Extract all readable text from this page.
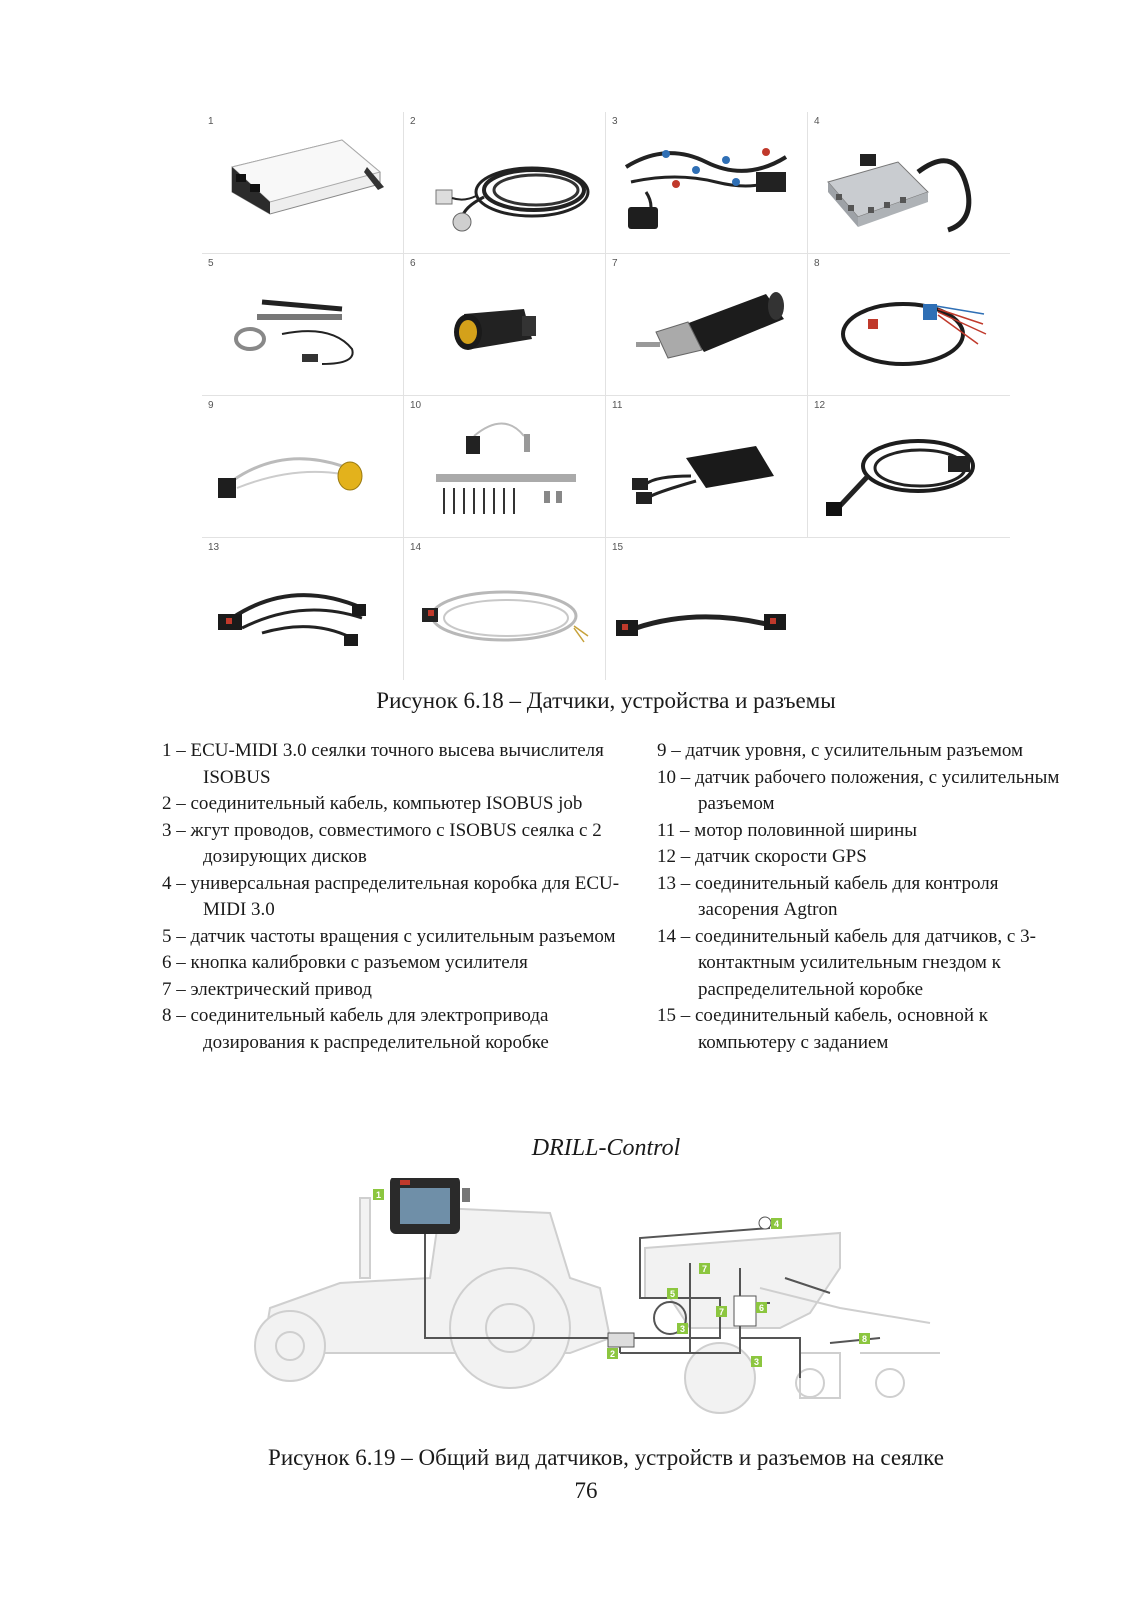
1	2	3	4
5	6	7	8
9	10	11	12
13	14	15
Рисунок 6.18 – Датчики, устройства и разъемы
1 – ECU-MIDI 3.0 сеялки точного высева вычислителя ISOBUS
2 – соединительный кабель, компьютер ISOBUS job
3 – жгут проводов, совместимого с ISOBUS сеялка с 2 дозирующих дисков
4 – универсальная распределительная коробка для ECU-MIDI 3.0
5 – датчик частоты вращения с усилительным разъемом
6 – кнопка калибровки с разъемом усилителя
7 – электрический привод
8 – соединительный кабель для электропривода дозирования к распределительной коробке
9 – датчик уровня, с усилительным разъемом
10 – датчик рабочего положения, с усилительным разъемом
11 – мотор половинной ширины
12 – датчик скорости GPS
13 – соединительный кабель для контроля засорения Agtron
14 – соединительный кабель для датчиков, с 3-контактным усилительным гнездом к распределительной коробке
15 – соединительный кабель, основной к компьютеру с заданием
DRILL-Control
1
2
3
4
5
6
7
3
7
8
Рисунок 6.19 – Общий вид датчиков, устройств и разъемов на сеялке
76
